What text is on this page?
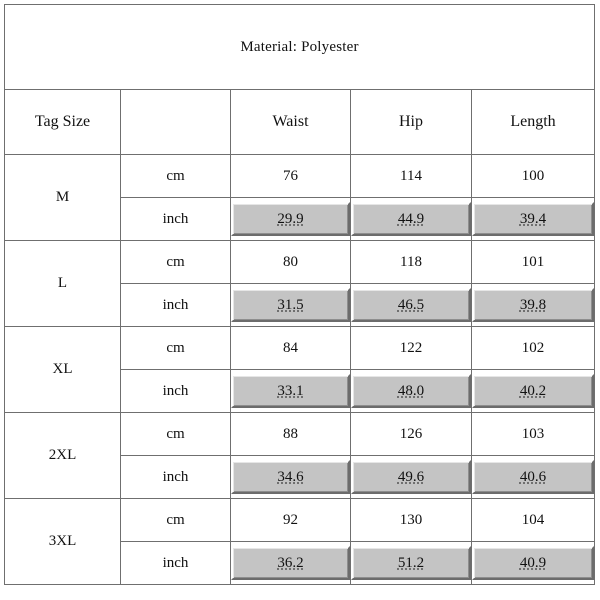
Material: Polyester				
Tag Size		Waist	Hip	Length
M	cm	76	114	100
	inch	29.9	44.9	39.4

L	cm	80	118	101
	inch	31.5	46.5	39.8

XL	cm	84	122	102
	inch	33.1	48.0	40.2

2XL	cm	88	126	103
	inch	34.6	49.6	40.6

3XL	cm	92	130	104
	inch	36.2	51.2	40.9
